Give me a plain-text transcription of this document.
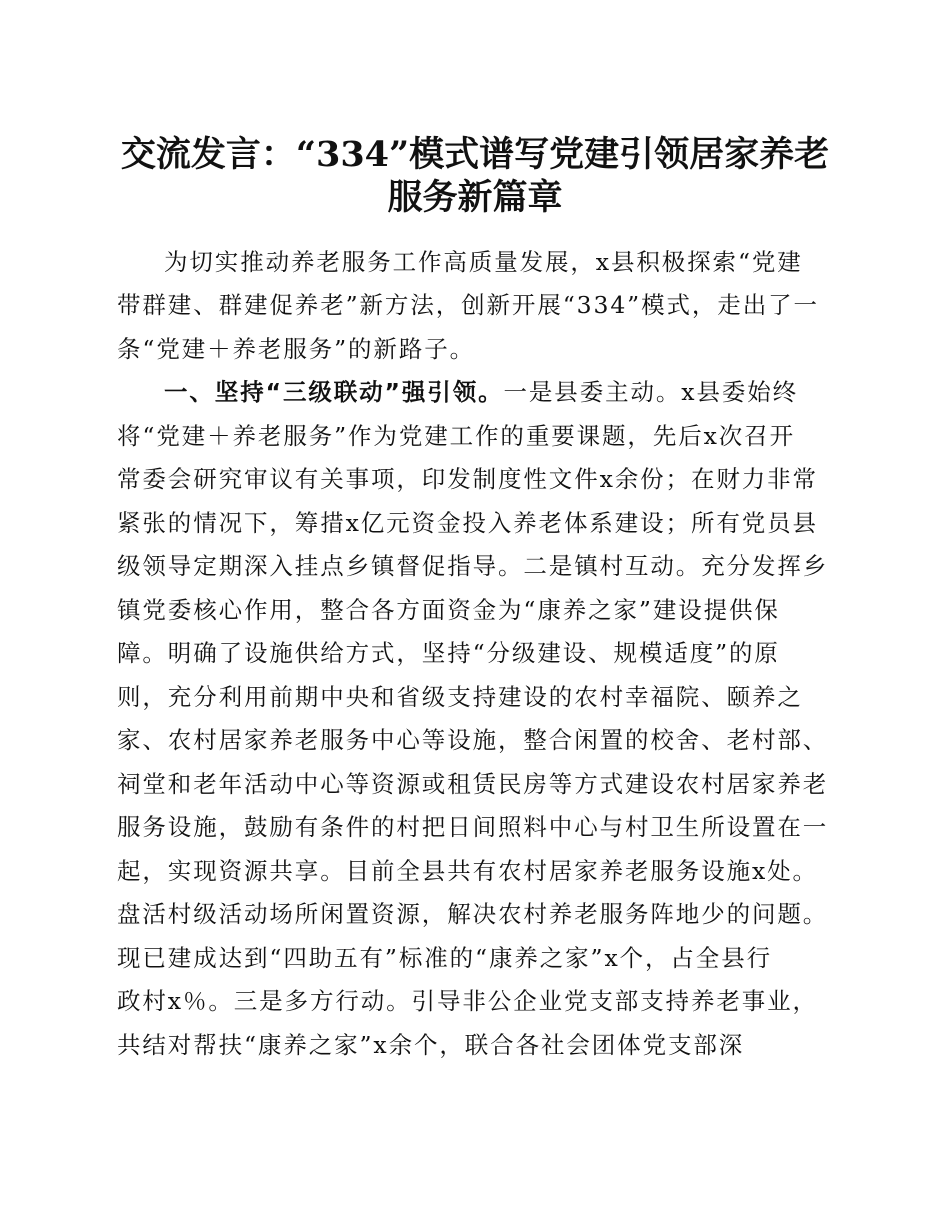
交流发言：“334”模式谱写党建引领居家养老
服务新篇章
为切实推动养老服务工作高质量发展，x县积极探索“党建
带群建、群建促养老”新方法，创新开展“334”模式，走出了一
条“党建＋养老服务”的新路子。
一、坚持“三级联动”强引领。一是县委主动。x县委始终
将“党建＋养老服务”作为党建工作的重要课题，先后x次召开
常委会研究审议有关事项，印发制度性文件x余份；在财力非常
紧张的情况下，筹措x亿元资金投入养老体系建设；所有党员县
级领导定期深入挂点乡镇督促指导。二是镇村互动。充分发挥乡
镇党委核心作用，整合各方面资金为“康养之家”建设提供保
障。明确了设施供给方式，坚持“分级建设、规模适度”的原
则，充分利用前期中央和省级支持建设的农村幸福院、颐养之
家、农村居家养老服务中心等设施，整合闲置的校舍、老村部、
祠堂和老年活动中心等资源或租赁民房等方式建设农村居家养老
服务设施，鼓励有条件的村把日间照料中心与村卫生所设置在一
起，实现资源共享。目前全县共有农村居家养老服务设施x处。
盘活村级活动场所闲置资源，解决农村养老服务阵地少的问题。
现已建成达到“四助五有”标准的“康养之家”x个，占全县行
政村x％。三是多方行动。引导非公企业党支部支持养老事业，
共结对帮扶“康养之家”x余个，联合各社会团体党支部深
